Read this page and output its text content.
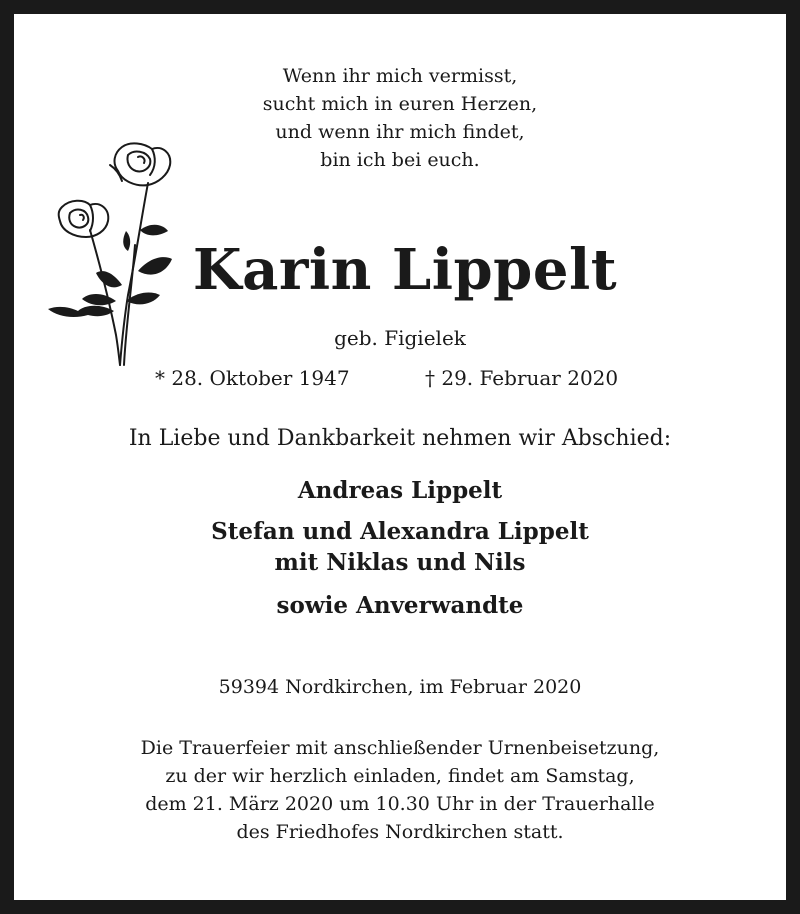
Wenn ihr mich vermisst,
sucht mich in euren Herzen,
und wenn ihr mich findet,
bin ich bei euch.
Karin Lippelt
geb. Figielek
* 28. Oktober 1947	† 29. Februar 2020
In Liebe und Dankbarkeit nehmen wir Abschied:
Andreas Lippelt
Stefan und Alexandra Lippelt
mit Niklas und Nils
sowie Anverwandte
59394 Nordkirchen, im Februar 2020
Die Trauerfeier mit anschließender Urnenbeisetzung,
zu der wir herzlich einladen, findet am Samstag,
dem 21. März 2020 um 10.30 Uhr in der Trauerhalle
des Friedhofes Nordkirchen statt.
